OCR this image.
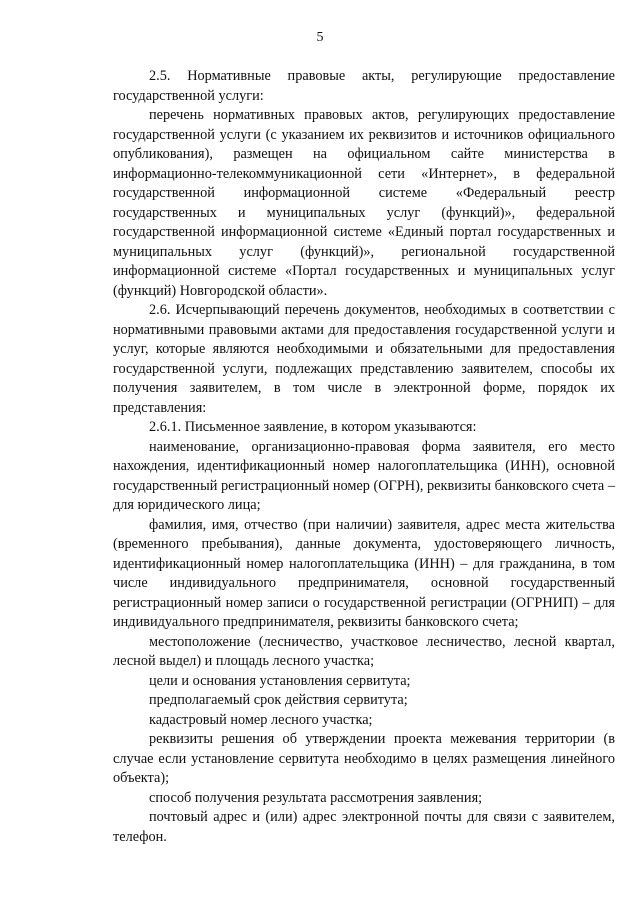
5

2.5. Нормативные правовые акты, регулирующие предоставление государственной услуги:

перечень нормативных правовых актов, регулирующих предоставление государственной услуги (с указанием их реквизитов и источников официального опубликования), размещен на официальном сайте министерства в информационно-телекоммуникационной сети «Интернет», в федеральной государственной информационной системе «Федеральный реестр государственных и муниципальных услуг (функций)», федеральной государственной информационной системе «Единый портал государственных и муниципальных услуг (функций)», региональной государственной информационной системе «Портал государственных и муниципальных услуг (функций) Новгородской области».

2.6. Исчерпывающий перечень документов, необходимых в соответствии с нормативными правовыми актами для предоставления государственной услуги и услуг, которые являются необходимыми и обязательными для предоставления государственной услуги, подлежащих представлению заявителем, способы их получения заявителем, в том числе в электронной форме, порядок их представления:

2.6.1. Письменное заявление, в котором указываются:

наименование, организационно-правовая форма заявителя, его место нахождения, идентификационный номер налогоплательщика (ИНН), основной государственный регистрационный номер (ОГРН), реквизиты банковского счета – для юридического лица;

фамилия, имя, отчество (при наличии) заявителя, адрес места жительства (временного пребывания), данные документа, удостоверяющего личность, идентификационный номер налогоплательщика (ИНН) – для гражданина, в том числе индивидуального предпринимателя, основной государственный регистрационный номер записи о государственной регистрации (ОГРНИП) – для индивидуального предпринимателя, реквизиты банковского счета;

местоположение (лесничество, участковое лесничество, лесной квартал, лесной выдел) и площадь лесного участка;

цели и основания установления сервитута;

предполагаемый срок действия сервитута;

кадастровый номер лесного участка;

реквизиты решения об утверждении проекта межевания территории (в случае если установление сервитута необходимо в целях размещения линейного объекта);

способ получения результата рассмотрения заявления;

почтовый адрес и (или) адрес электронной почты для связи с заявителем, телефон.
